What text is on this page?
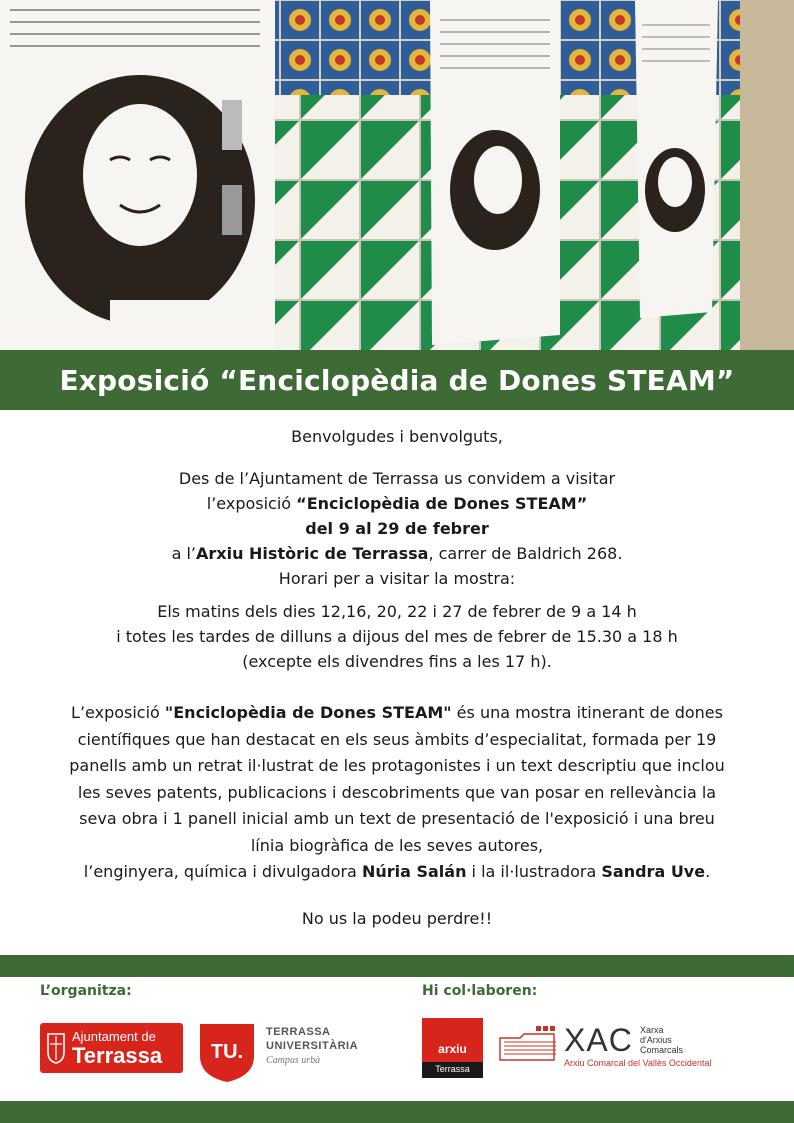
Exposició “Enciclopèdia de Dones STEAM”

Benvolgudes i benvolguts,

Des de l’Ajuntament de Terrassa us convidem a visitar

l’exposició “Enciclopèdia de Dones STEAM”

del 9 al 29 de febrer

a l’Arxiu Històric de Terrassa, carrer de Baldrich 268.

Horari per a visitar la mostra:

Els matins dels dies 12,16, 20, 22 i 27 de febrer de 9 a 14 h

i totes les tardes de dilluns a dijous del mes de febrer de 15.30 a 18 h

(excepte els divendres fins a les 17 h).

L’exposició "Enciclopèdia de Dones STEAM" és una mostra itinerant de dones
científiques que han destacat en els seus àmbits d’especialitat, formada per 19
panells amb un retrat il·lustrat de les protagonistes i un text descriptiu que inclou
les seves patents, publicacions i descobriments que van posar en rellevància la
seva obra i 1 panell inicial amb un text de presentació de l'exposició i una breu
línia biogràfica de les seves autores,
l’enginyera, química i divulgadora Núria Salán i la il·lustradora Sandra Uve.

No us la podeu perdre!!

L’organitza:	Hi col·laboren:
Ajuntament de
Terrassa TU.
TERRASSA
UNIVERSITÀRIA
Campus urbà
arxiu
Terrassa
XAC Xarxa
d'Arxius
Comarcals
Arxiu Comarcal del Vallès Occidental
